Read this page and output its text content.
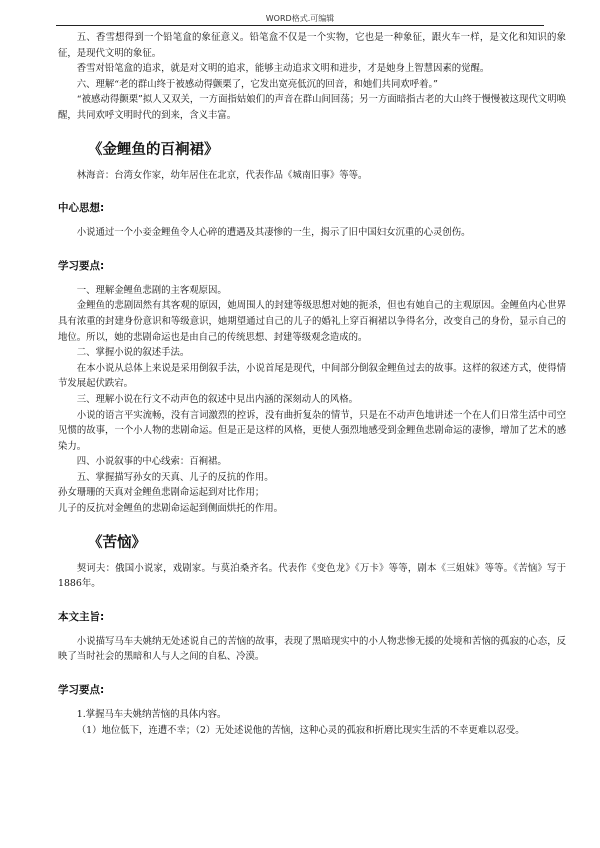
WORD格式.可编辑

五、香雪想得到一个铅笔盒的象征意义。铅笔盒不仅是一个实物，它也是一种象征，跟火车一样，是文化和知识的象征，是现代文明的象征。

香雪对铅笔盒的追求，就是对文明的追求，能够主动追求文明和进步，才是她身上智慧因素的觉醒。

六、理解“老的群山终于被感动得颤栗了，它发出宽亮低沉的回音，和她们共同欢呼着。”

“被感动得颤栗”拟人又双关，一方面指姑娘们的声音在群山间回荡；另一方面暗指古老的大山终于慢慢被这现代文明唤醒，共同欢呼文明时代的到来，含义丰富。

《金鲤鱼的百裥裙》

林海音：台湾女作家，幼年居住在北京，代表作品《城南旧事》等等。

中心思想:

小说通过一个小妾金鲤鱼令人心碎的遭遇及其凄惨的一生，揭示了旧中国妇女沉重的心灵创伤。

学习要点:

一、理解金鲤鱼悲剧的主客观原因。

金鲤鱼的悲剧固然有其客观的原因，她周围人的封建等级思想对她的扼杀，但也有她自己的主观原因。金鲤鱼内心世界具有浓重的封建身份意识和等级意识，她期望通过自己的儿子的婚礼上穿百裥裙以争得名分，改变自己的身份，显示自己的地位。所以，她的悲剧命运也是由自己的传统思想、封建等级观念造成的。

二、掌握小说的叙述手法。

在本小说从总体上来说是采用倒叙手法，小说首尾是现代，中间部分倒叙金鲤鱼过去的故事。这样的叙述方式，使得情节发展起伏跌宕。

三、理解小说在行文不动声色的叙述中見出内涵的深刻动人的风格。

小说的语言平实流畅，没有言词激烈的控诉，没有曲折复杂的情节，只是在不动声色地讲述一个在人们日常生活中司空见惯的故事，一个小人物的悲剧命运。但是正是这样的风格，更使人强烈地感受到金鲤鱼悲剧命运的凄惨，增加了艺术的感染力。

四、小说叙事的中心线索：百裥裙。

五、掌握描写孙女的天真、儿子的反抗的作用。

孙女珊珊的天真对金鲤鱼悲剧命运起到对比作用；

儿子的反抗对金鲤鱼的悲剧命运起到侧面烘托的作用。

《苦恼》

契诃夫：俄国小说家，戏剧家。与莫泊桑齐名。代表作《变色龙》《万卡》等等，剧本《三姐妹》等等。《苦恼》写于1886年。

本文主旨:

小说描写马车夫姚纳无处述说自己的苦恼的故事，表现了黑暗现实中的小人物悲惨无援的处境和苦恼的孤寂的心态，反映了当时社会的黑暗和人与人之间的自私、冷漠。

学习要点:

1.掌握马车夫姚纳苦恼的具体内容。

（1）地位低下，连遭不幸；（2）无处述说他的苦恼，这种心灵的孤寂和折磨比现实生活的不幸更难以忍受。
